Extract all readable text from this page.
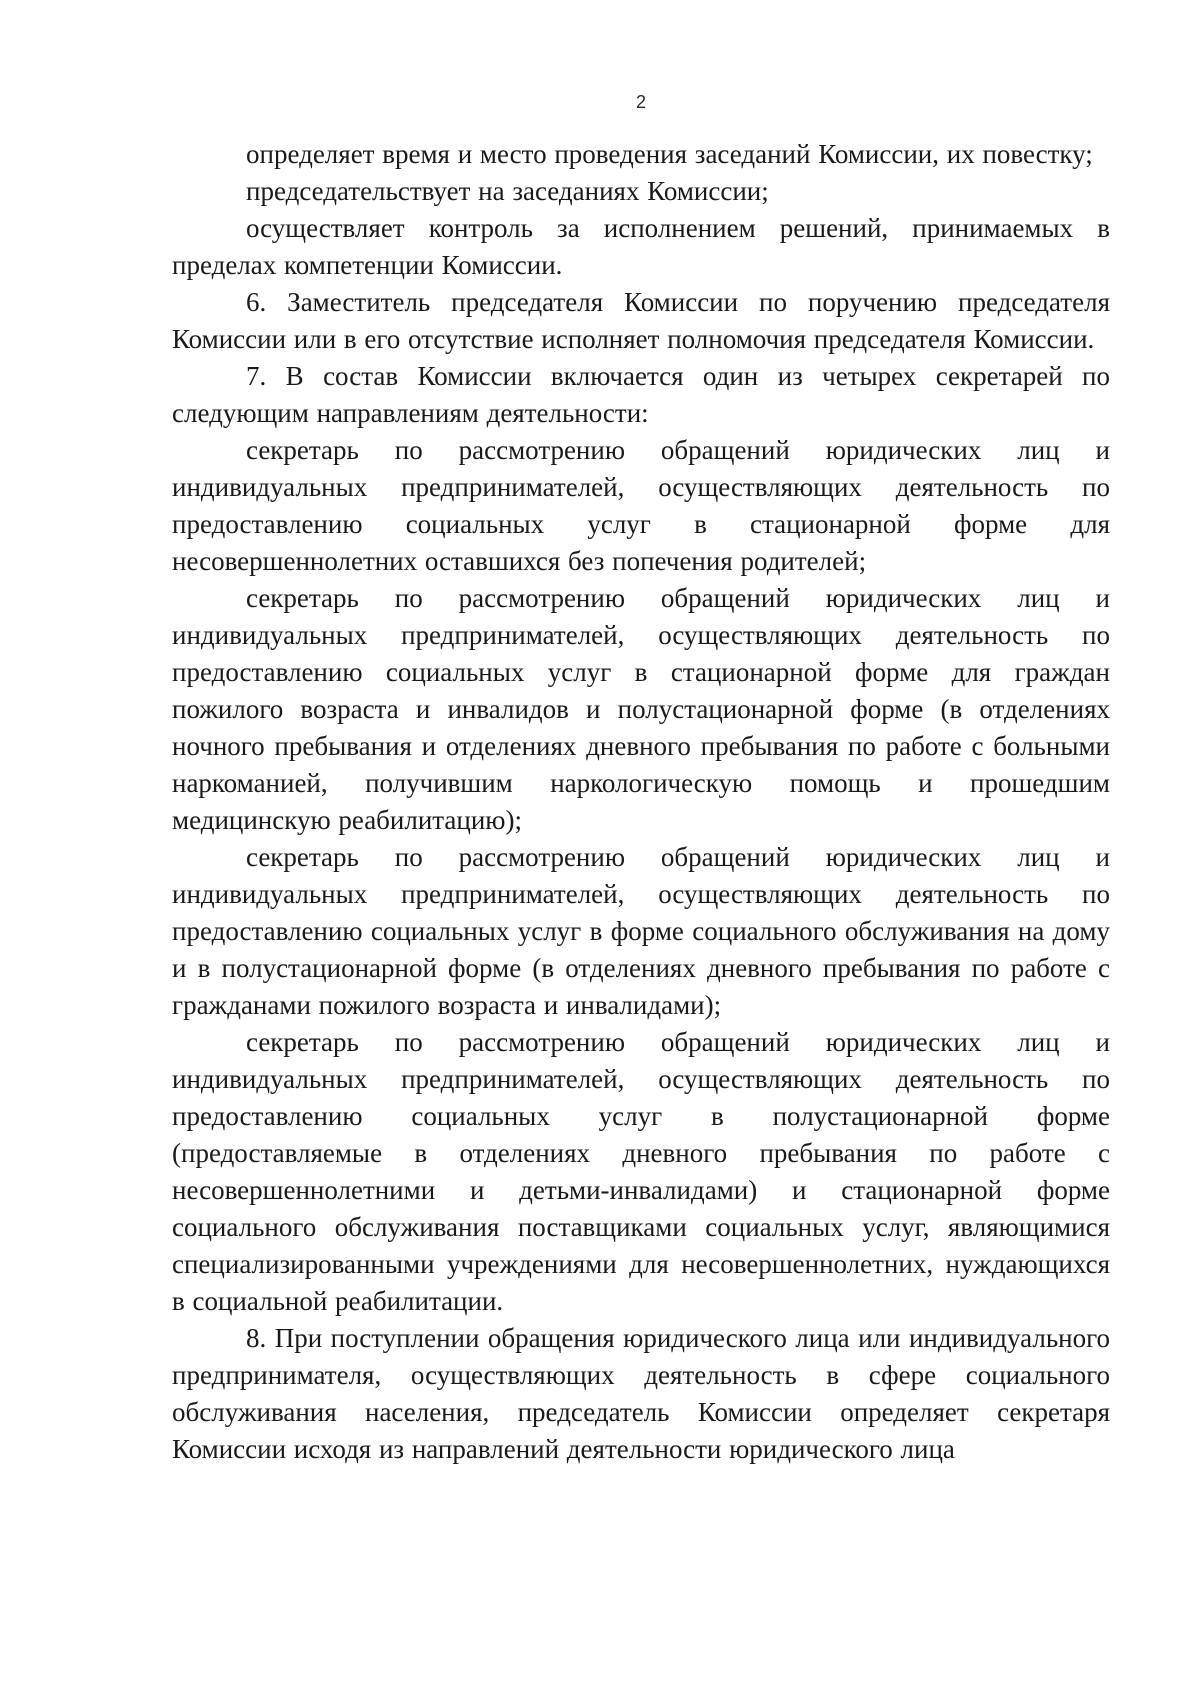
2

определяет время и место проведения заседаний Комиссии, их повестку;

председательствует на заседаниях Комиссии;

осуществляет контроль за исполнением решений, принимаемых в пределах компетенции Комиссии.

6. Заместитель председателя Комиссии по поручению председателя Комиссии или в его отсутствие исполняет полномочия председателя Комиссии.

7. В состав Комиссии включается один из четырех секретарей по следующим направлениям деятельности:

секретарь по рассмотрению обращений юридических лиц и индивидуальных предпринимателей, осуществляющих деятельность по предоставлению социальных услуг в стационарной форме для несовершеннолетних оставшихся без попечения родителей;

секретарь по рассмотрению обращений юридических лиц и индивидуальных предпринимателей, осуществляющих деятельность по предоставлению социальных услуг в стационарной форме для граждан пожилого возраста и инвалидов и полустационарной форме (в отделениях ночного пребывания и отделениях дневного пребывания по работе с больными наркоманией, получившим наркологическую помощь и прошедшим медицинскую реабилитацию);

секретарь по рассмотрению обращений юридических лиц и индивидуальных предпринимателей, осуществляющих деятельность по предоставлению социальных услуг в форме социального обслуживания на дому и в полустационарной форме (в отделениях дневного пребывания по работе с гражданами пожилого возраста и инвалидами);

секретарь по рассмотрению обращений юридических лиц и индивидуальных предпринимателей, осуществляющих деятельность по предоставлению социальных услуг в полустационарной форме (предоставляемые в отделениях дневного пребывания по работе с несовершеннолетними и детьми-инвалидами) и стационарной форме социального обслуживания поставщиками социальных услуг, являющимися специализированными учреждениями для несовершеннолетних, нуждающихся в социальной реабилитации.

8. При поступлении обращения юридического лица или индивидуального предпринимателя, осуществляющих деятельность в сфере социального обслуживания населения, председатель Комиссии определяет секретаря Комиссии исходя из направлений деятельности юридического лица
